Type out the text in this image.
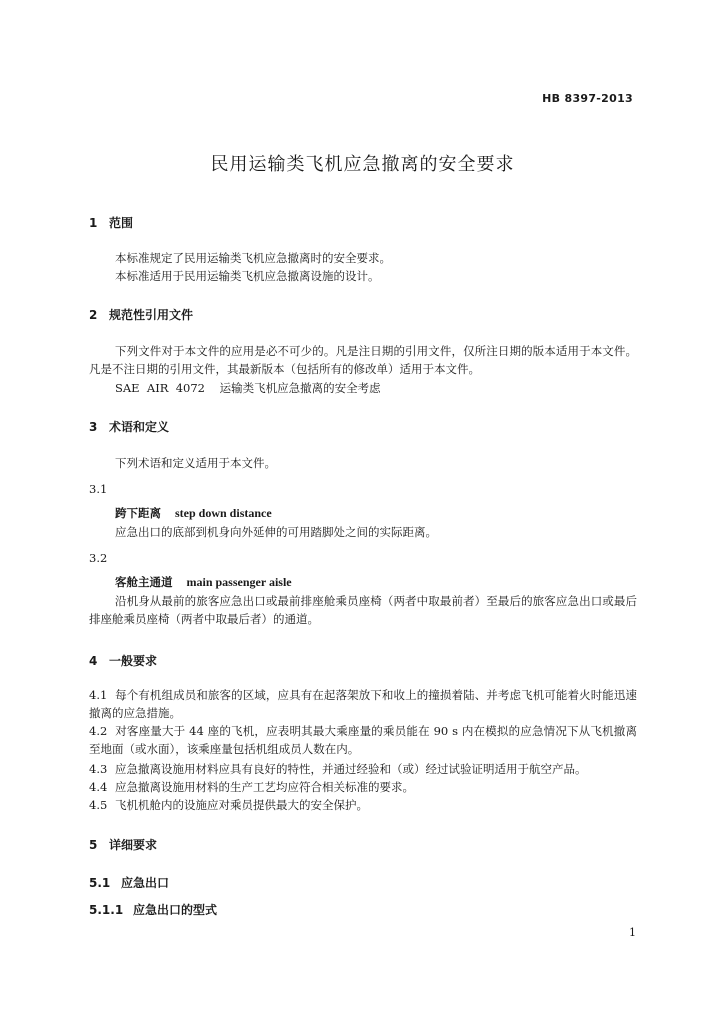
HB 8397-2013
民用运输类飞机应急撤离的安全要求
1 范围
本标准规定了民用运输类飞机应急撤离时的安全要求。
本标准适用于民用运输类飞机应急撤离设施的设计。
2 规范性引用文件
下列文件对于本文件的应用是必不可少的。凡是注日期的引用文件，仅所注日期的版本适用于本文件。凡是不注日期的引用文件，其最新版本（包括所有的修改单）适用于本文件。
SAE  AIR  4072    运输类飞机应急撤离的安全考虑
3 术语和定义
下列术语和定义适用于本文件。
3.1
跨下距离 step down distance
应急出口的底部到机身向外延伸的可用踏脚处之间的实际距离。
3.2
客舱主通道 main passenger aisle
沿机身从最前的旅客应急出口或最前排座舱乘员座椅（两者中取最前者）至最后的旅客应急出口或最后排座舱乘员座椅（两者中取最后者）的通道。
4 一般要求
4.1 每个有机组成员和旅客的区域，应具有在起落架放下和收上的撞损着陆、并考虑飞机可能着火时能迅速撤离的应急措施。
4.2 对客座量大于 44 座的飞机，应表明其最大乘座量的乘员能在 90 s 内在模拟的应急情况下从飞机撤离至地面（或水面），该乘座量包括机组成员人数在内。
4.3 应急撤离设施用材料应具有良好的特性，并通过经验和（或）经过试验证明适用于航空产品。
4.4 应急撤离设施用材料的生产工艺均应符合相关标准的要求。
4.5 飞机机舱内的设施应对乘员提供最大的安全保护。
5 详细要求
5.1 应急出口
5.1.1 应急出口的型式
1
